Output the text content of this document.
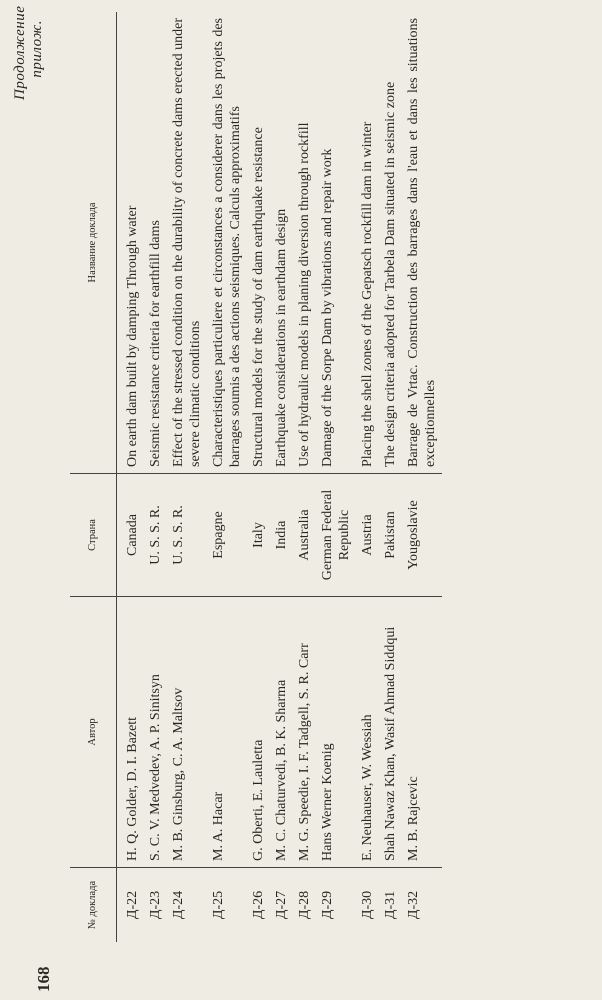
168
Продолжение прилож.
№ доклада	Автор	Страна	Название доклада

Д-22	H. Q. Golder, D. I. Bazett	Canada	On earth dam built by damping Through water
Д-23	S. C. V. Medvedev, A. P. Sinitsyn	U. S. S. R.	Seismic resistance criteria for earthfill dams
Д-24	M. B. Ginsburg, C. A. Maltsov	U. S. S. R.	Effect of the stressed condition on the durability of concrete dams erected under severe climatic conditions
Д-25	M. A. Hacar	Espagne	Characteristiques particuliere et circonstances a considerer dans les projets des barrages soumis a des actions seismiques. Calculs approximatifs
Д-26	G. Oberti, E. Lauletta	Italy	Structural models for the study of dam earthquake resistance
Д-27	M. C. Chaturvedi, B. K. Sharma	India	Earthquake considerations in earthdam design
Д-28	M. G. Speedie, I. F. Tadgell, S. R. Carr	Australia	Use of hydraulic models in planing diversion through rockfill
Д-29	Hans Werner Koenig	German Federal Republic	Damage of the Sorpe Dam by vibrations and repair work
Д-30	E. Neuhauser, W. Wessiah	Austria	Placing the shell zones of the Gepatsch rockfill dam in winter
Д-31	Shah Nawaz Khan, Wasif Ahmad Siddqui	Pakistan	The design criteria adopted for Tarbela Dam situated in seismic zone
Д-32	M. B. Rajcevic	Yougoslavie	Barrage de Vrtac. Construction des barrages dans l'eau et dans les situations exceptionnelles
